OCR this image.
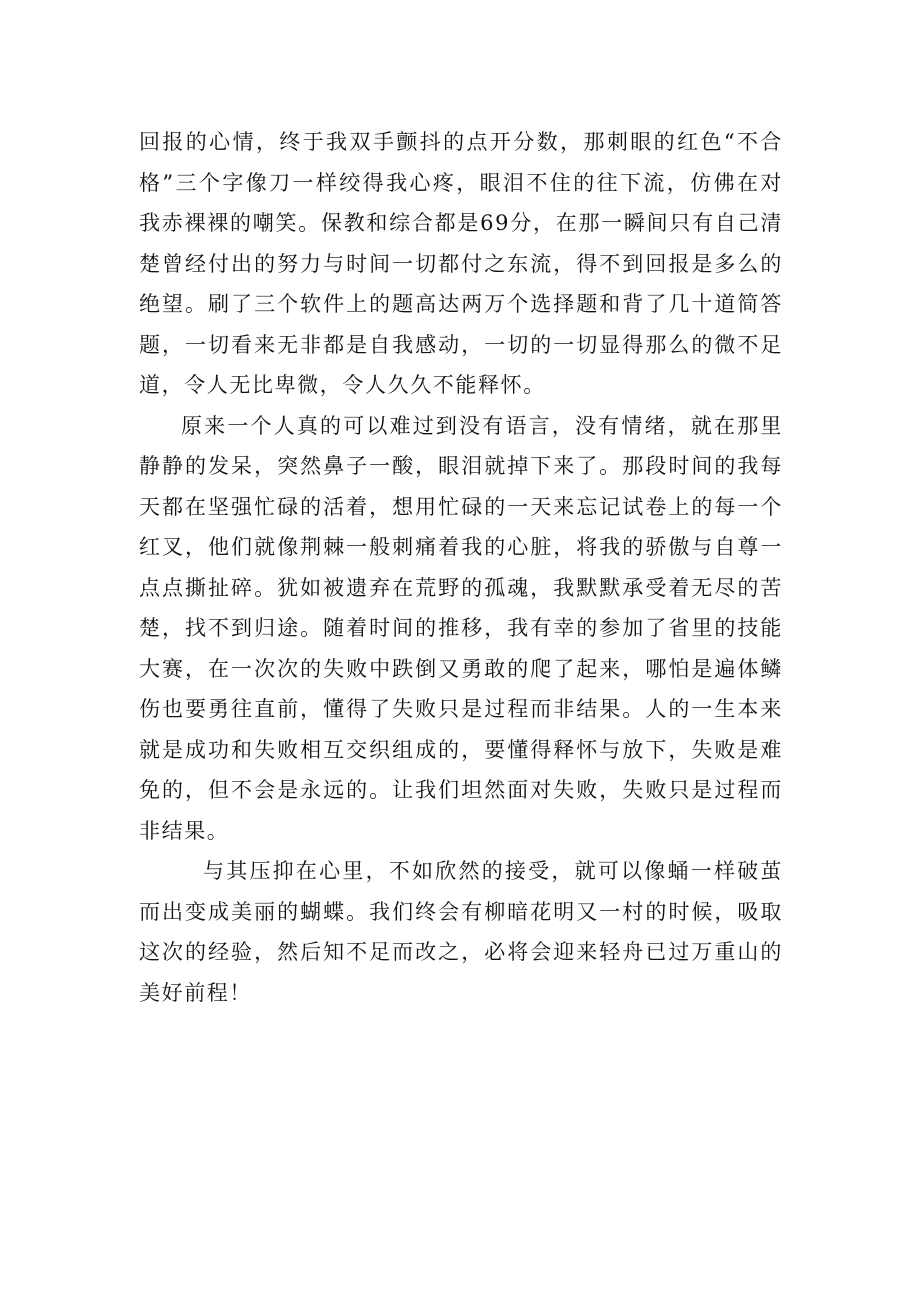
回报的心情，终于我双手颤抖的点开分数，那刺眼的红色“不合格”三个字像刀一样绞得我心疼，眼泪不住的往下流，仿佛在对我赤裸裸的嘲笑。保教和综合都是69分，在那一瞬间只有自己清楚曾经付出的努力与时间一切都付之东流，得不到回报是多么的绝望。刷了三个软件上的题高达两万个选择题和背了几十道简答题，一切看来无非都是自我感动，一切的一切显得那么的微不足道，令人无比卑微，令人久久不能释怀。

原来一个人真的可以难过到没有语言，没有情绪，就在那里静静的发呆，突然鼻子一酸，眼泪就掉下来了。那段时间的我每天都在坚强忙碌的活着，想用忙碌的一天来忘记试卷上的每一个红叉，他们就像荆棘一般刺痛着我的心脏，将我的骄傲与自尊一点点撕扯碎。犹如被遗弃在荒野的孤魂，我默默承受着无尽的苦楚，找不到归途。随着时间的推移，我有幸的参加了省里的技能大赛，在一次次的失败中跌倒又勇敢的爬了起来，哪怕是遍体鳞伤也要勇往直前，懂得了失败只是过程而非结果。人的一生本来就是成功和失败相互交织组成的，要懂得释怀与放下，失败是难免的，但不会是永远的。让我们坦然面对失败，失败只是过程而非结果。

与其压抑在心里，不如欣然的接受，就可以像蛹一样破茧而出变成美丽的蝴蝶。我们终会有柳暗花明又一村的时候，吸取这次的经验，然后知不足而改之，必将会迎来轻舟已过万重山的美好前程！
